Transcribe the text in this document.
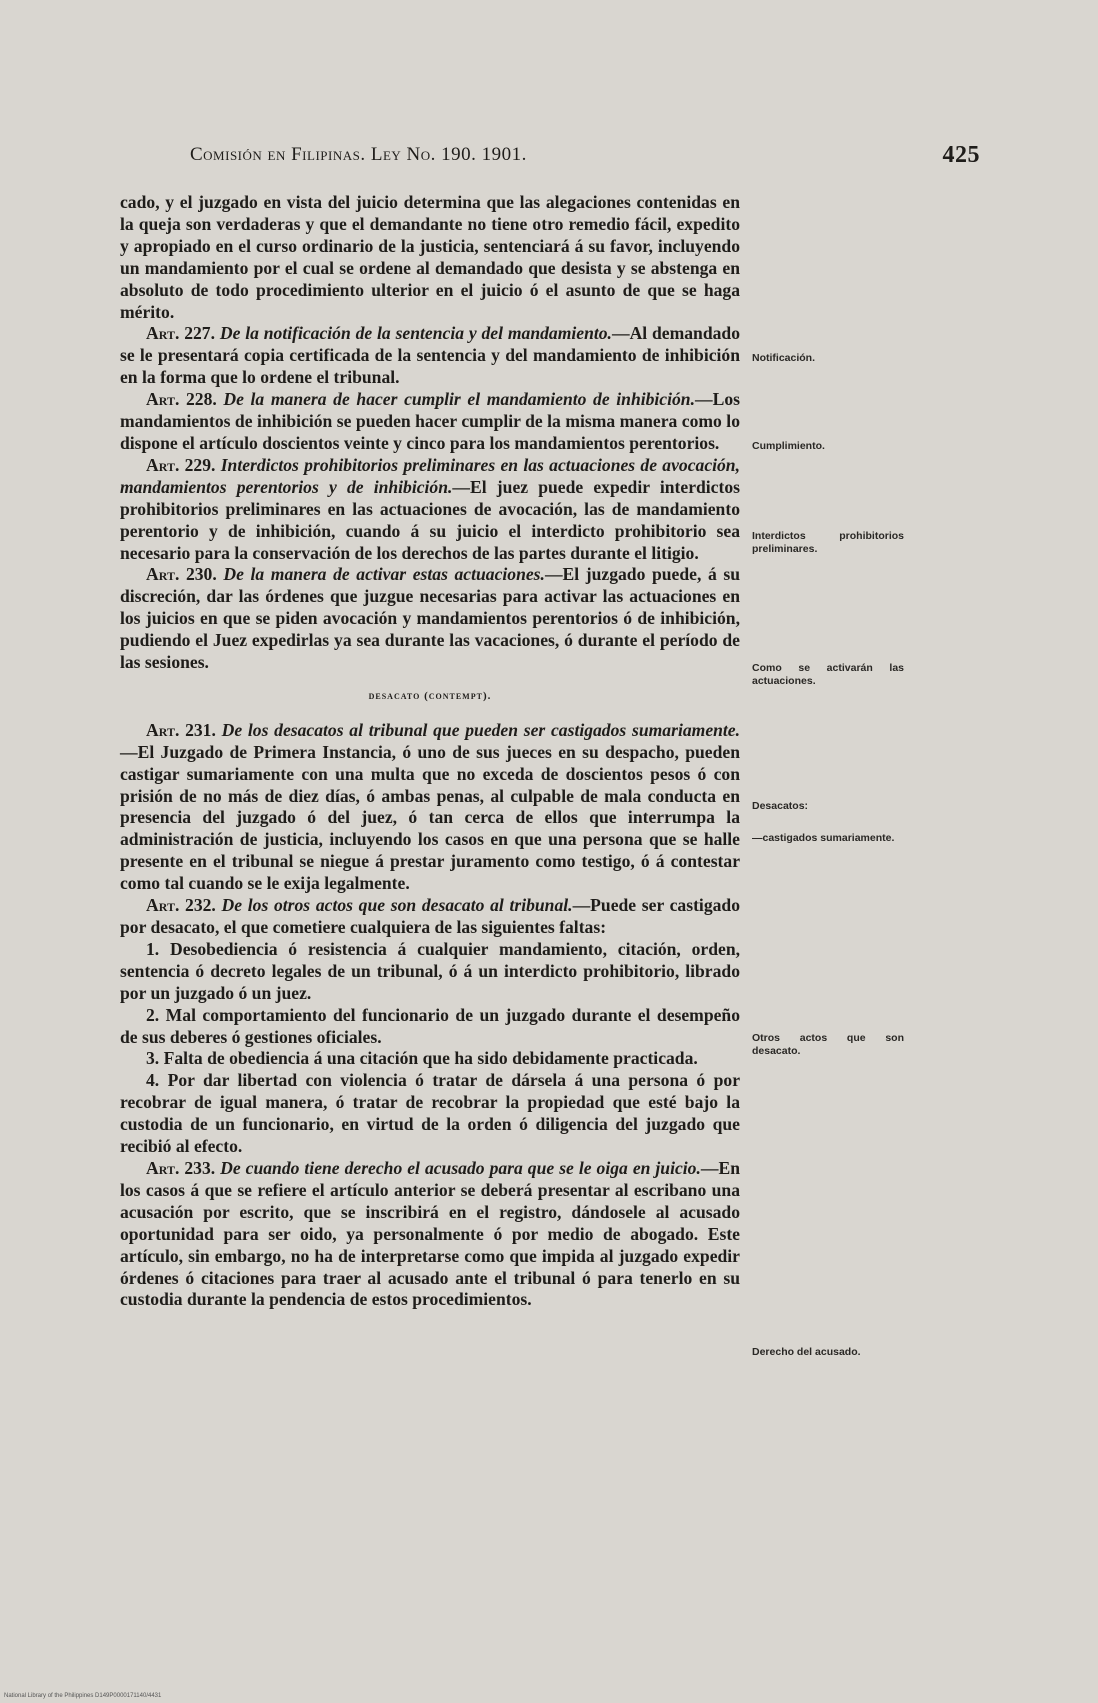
Comisión en Filipinas. Ley No. 190. 1901.	425

cado, y el juzgado en vista del juicio determina que las alegaciones contenidas en la queja son verdaderas y que el demandante no tiene otro remedio fácil, expedito y apropiado en el curso ordinario de la justicia, sentenciará á su favor, incluyendo un mandamiento por el cual se ordene al demandado que desista y se abstenga en absoluto de todo procedimiento ulterior en el juicio ó el asunto de que se haga mérito.

Art. 227. De la notificación de la sentencia y del mandamiento.—Al demandado se le presentará copia certificada de la sentencia y del mandamiento de inhibición en la forma que lo ordene el tribunal.

Art. 228. De la manera de hacer cumplir el mandamiento de inhibición.—Los mandamientos de inhibición se pueden hacer cumplir de la misma manera como lo dispone el artículo doscientos veinte y cinco para los mandamientos perentorios.

Art. 229. Interdictos prohibitorios preliminares en las actuaciones de avocación, mandamientos perentorios y de inhibición.—El juez puede expedir interdictos prohibitorios preliminares en las actuaciones de avocación, las de mandamiento perentorio y de inhibición, cuando á su juicio el interdicto prohibitorio sea necesario para la conservación de los derechos de las partes durante el litigio.

Art. 230. De la manera de activar estas actuaciones.—El juzgado puede, á su discreción, dar las órdenes que juzgue necesarias para activar las actuaciones en los juicios en que se piden avocación y mandamientos perentorios ó de inhibición, pudiendo el Juez expedirlas ya sea durante las vacaciones, ó durante el período de las sesiones.

desacato (contempt).

Art. 231. De los desacatos al tribunal que pueden ser castigados sumariamente.—El Juzgado de Primera Instancia, ó uno de sus jueces en su despacho, pueden castigar sumariamente con una multa que no exceda de doscientos pesos ó con prisión de no más de diez días, ó ambas penas, al culpable de mala conducta en presencia del juzgado ó del juez, ó tan cerca de ellos que interrumpa la administración de justicia, incluyendo los casos en que una persona que se halle presente en el tribunal se niegue á prestar juramento como testigo, ó á contestar como tal cuando se le exija legalmente.

Art. 232. De los otros actos que son desacato al tribunal.—Puede ser castigado por desacato, el que cometiere cualquiera de las siguientes faltas:

1. Desobediencia ó resistencia á cualquier mandamiento, citación, orden, sentencia ó decreto legales de un tribunal, ó á un interdicto prohibitorio, librado por un juzgado ó un juez.

2. Mal comportamiento del funcionario de un juzgado durante el desempeño de sus deberes ó gestiones oficiales.

3. Falta de obediencia á una citación que ha sido debidamente practicada.

4. Por dar libertad con violencia ó tratar de dársela á una persona ó por recobrar de igual manera, ó tratar de recobrar la propiedad que esté bajo la custodia de un funcionario, en virtud de la orden ó diligencia del juzgado que recibió al efecto.

Art. 233. De cuando tiene derecho el acusado para que se le oiga en juicio.—En los casos á que se refiere el artículo anterior se deberá presentar al escribano una acusación por escrito, que se inscribirá en el registro, dándosele al acusado oportunidad para ser oido, ya personalmente ó por medio de abogado. Este artículo, sin embargo, no ha de interpretarse como que impida al juzgado expedir órdenes ó citaciones para traer al acusado ante el tribunal ó para tenerlo en su custodia durante la pendencia de estos procedimientos.

Notificación.
Cumplimiento.
Interdictos prohibitorios preliminares.
Como se activarán las actuaciones.
Desacatos:
—castigados sumariamente.
Otros actos que son desacato.
Derecho del acusado.
National Library of the Philippines D149P0000171140/4431
